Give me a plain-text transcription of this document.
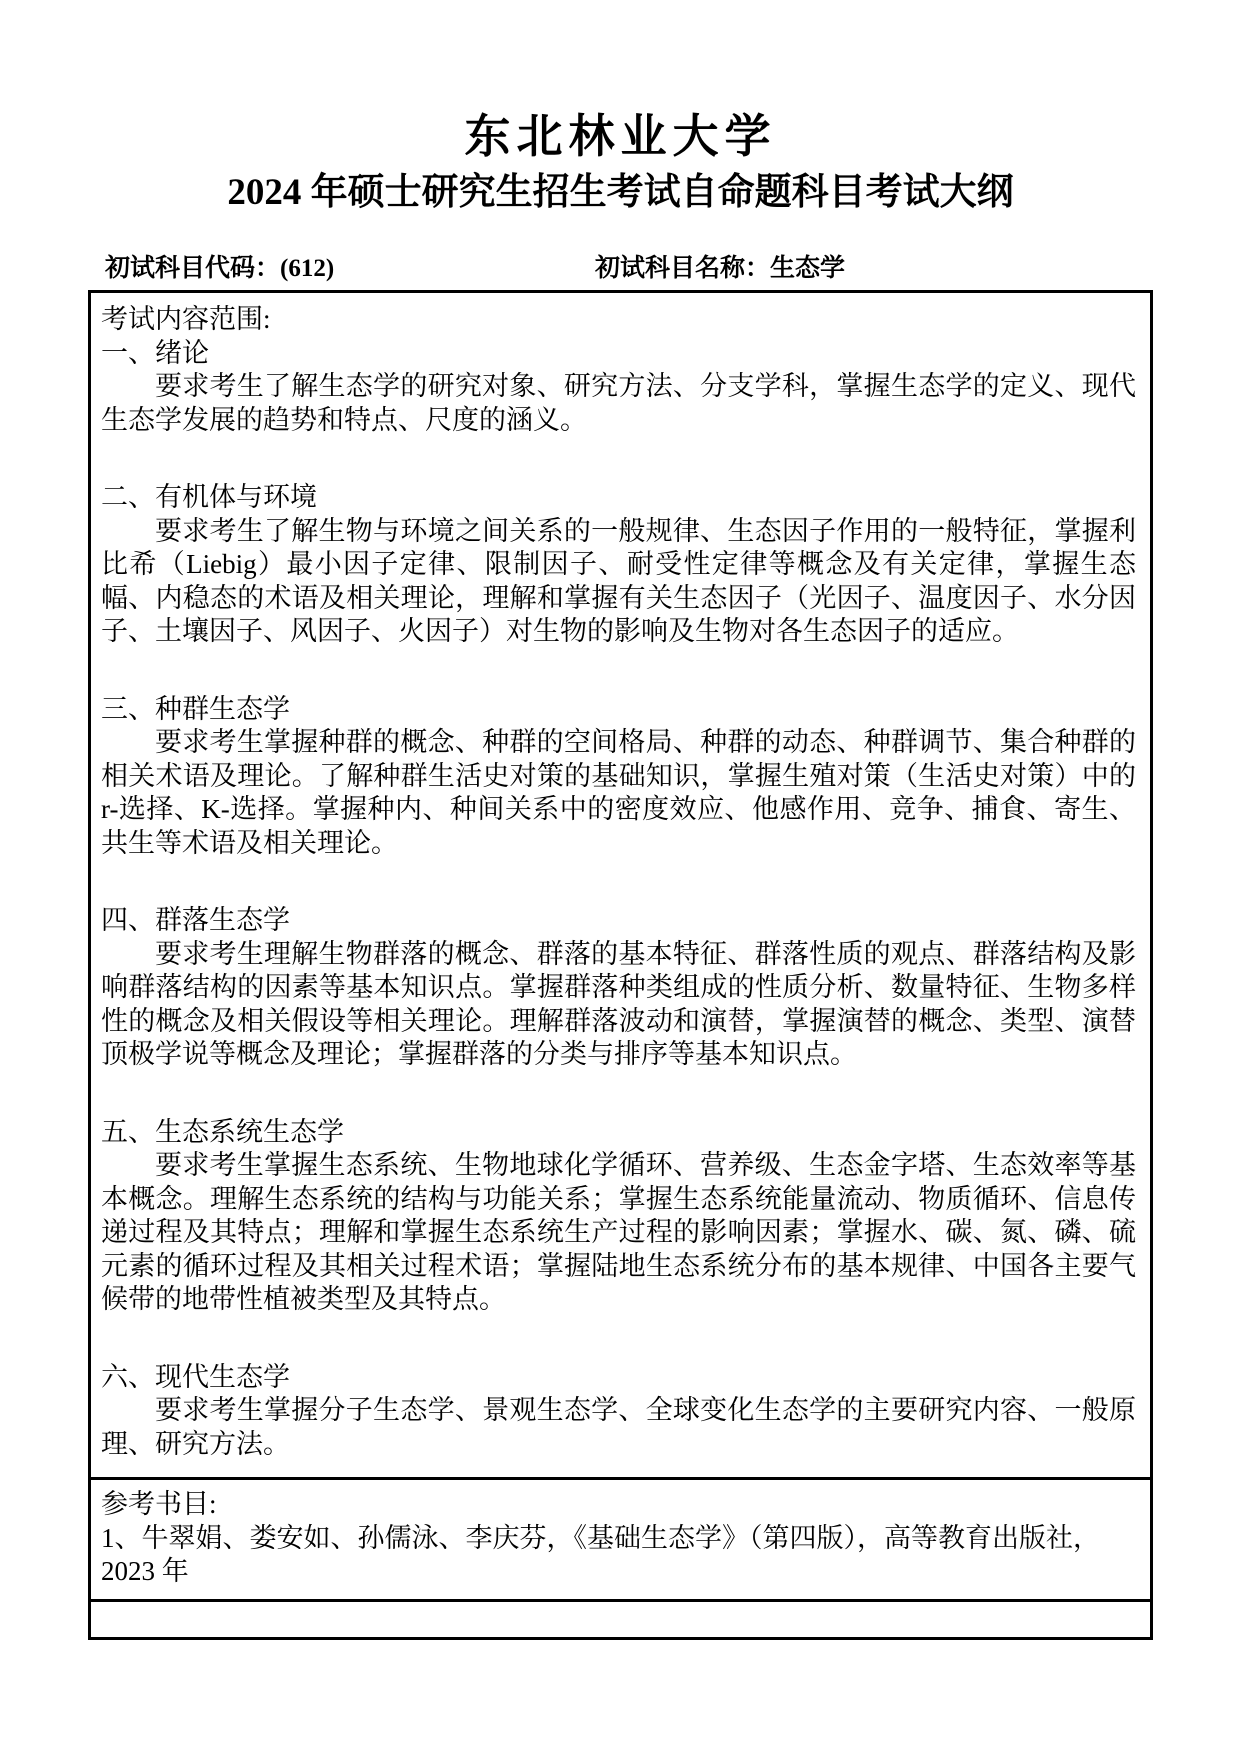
东北林业大学
2024 年硕士研究生招生考试自命题科目考试大纲
初试科目代码：(612)	初试科目名称：生态学
考试内容范围:
一、绪论
要求考生了解生态学的研究对象、研究方法、分支学科，掌握生态学的定义、现代生态学发展的趋势和特点、尺度的涵义。
二、有机体与环境
要求考生了解生物与环境之间关系的一般规律、生态因子作用的一般特征，掌握利比希（Liebig）最小因子定律、限制因子、耐受性定律等概念及有关定律，掌握生态幅、内稳态的术语及相关理论，理解和掌握有关生态因子（光因子、温度因子、水分因子、土壤因子、风因子、火因子）对生物的影响及生物对各生态因子的适应。
三、种群生态学
要求考生掌握种群的概念、种群的空间格局、种群的动态、种群调节、集合种群的相关术语及理论。了解种群生活史对策的基础知识，掌握生殖对策（生活史对策）中的r-选择、K-选择。掌握种内、种间关系中的密度效应、他感作用、竞争、捕食、寄生、共生等术语及相关理论。
四、群落生态学
要求考生理解生物群落的概念、群落的基本特征、群落性质的观点、群落结构及影响群落结构的因素等基本知识点。掌握群落种类组成的性质分析、数量特征、生物多样性的概念及相关假设等相关理论。理解群落波动和演替，掌握演替的概念、类型、演替顶极学说等概念及理论；掌握群落的分类与排序等基本知识点。
五、生态系统生态学
要求考生掌握生态系统、生物地球化学循环、营养级、生态金字塔、生态效率等基本概念。理解生态系统的结构与功能关系；掌握生态系统能量流动、物质循环、信息传递过程及其特点；理解和掌握生态系统生产过程的影响因素；掌握水、碳、氮、磷、硫元素的循环过程及其相关过程术语；掌握陆地生态系统分布的基本规律、中国各主要气候带的地带性植被类型及其特点。
六、现代生态学
要求考生掌握分子生态学、景观生态学、全球变化生态学的主要研究内容、一般原理、研究方法。
参考书目:
1、牛翠娟、娄安如、孙儒泳、李庆芬，《基础生态学》（第四版），高等教育出版社，2023 年
